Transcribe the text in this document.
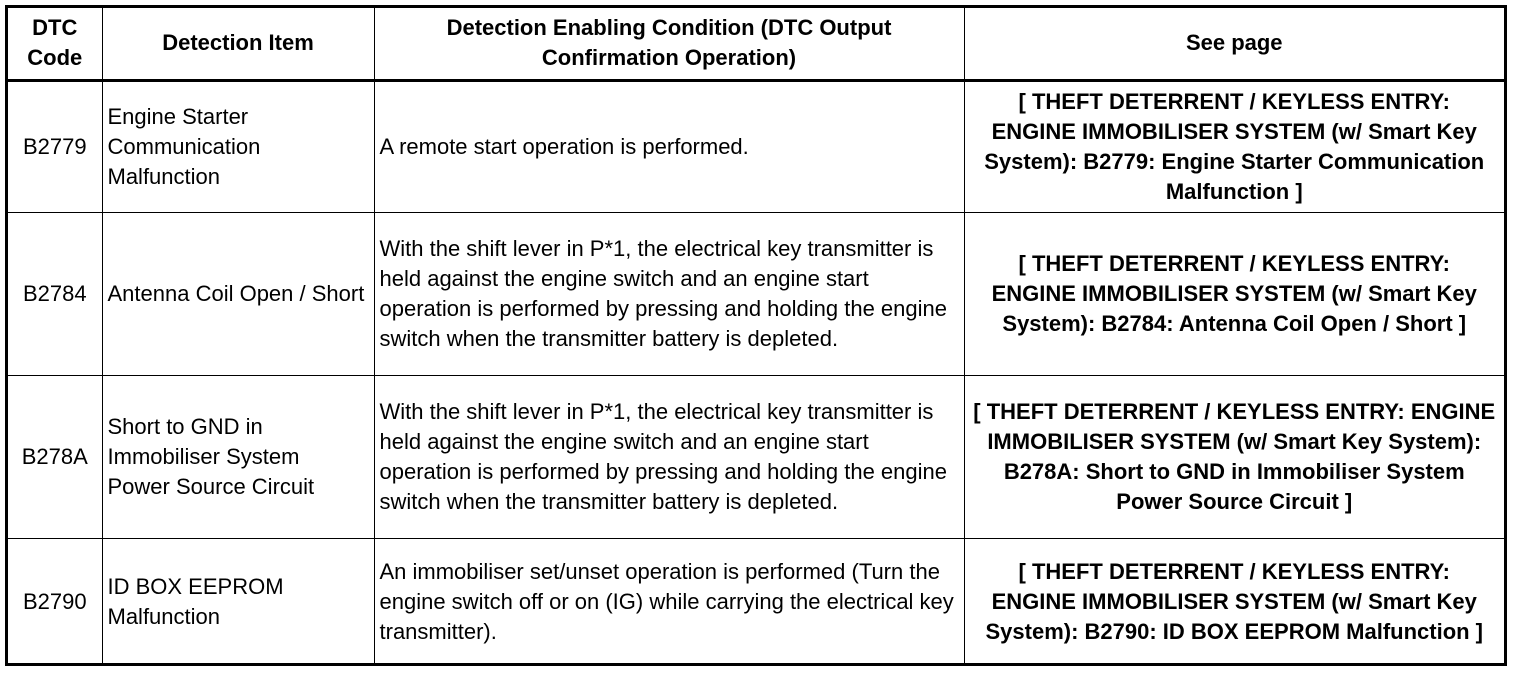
DTC Code	Detection Item	Detection Enabling Condition (DTC Output Confirmation Operation)	See page
B2779	Engine Starter Communication Malfunction	A remote start operation is performed.	[ THEFT DETERRENT / KEYLESS ENTRY: ENGINE IMMOBILISER SYSTEM (w/ Smart Key System): B2779: Engine Starter Communication Malfunction ]
B2784	Antenna Coil Open / Short	With the shift lever in P*1, the electrical key transmitter is held against the engine switch and an engine start operation is performed by pressing and holding the engine switch when the transmitter battery is depleted.	[ THEFT DETERRENT / KEYLESS ENTRY: ENGINE IMMOBILISER SYSTEM (w/ Smart Key System): B2784: Antenna Coil Open / Short ]
B278A	Short to GND in Immobiliser System Power Source Circuit	With the shift lever in P*1, the electrical key transmitter is held against the engine switch and an engine start operation is performed by pressing and holding the engine switch when the transmitter battery is depleted.	[ THEFT DETERRENT / KEYLESS ENTRY: ENGINE IMMOBILISER SYSTEM (w/ Smart Key System): B278A: Short to GND in Immobiliser System Power Source Circuit ]
B2790	ID BOX EEPROM Malfunction	An immobiliser set/unset operation is performed (Turn the engine switch off or on (IG) while carrying the electrical key transmitter).	[ THEFT DETERRENT / KEYLESS ENTRY: ENGINE IMMOBILISER SYSTEM (w/ Smart Key System): B2790: ID BOX EEPROM Malfunction ]
